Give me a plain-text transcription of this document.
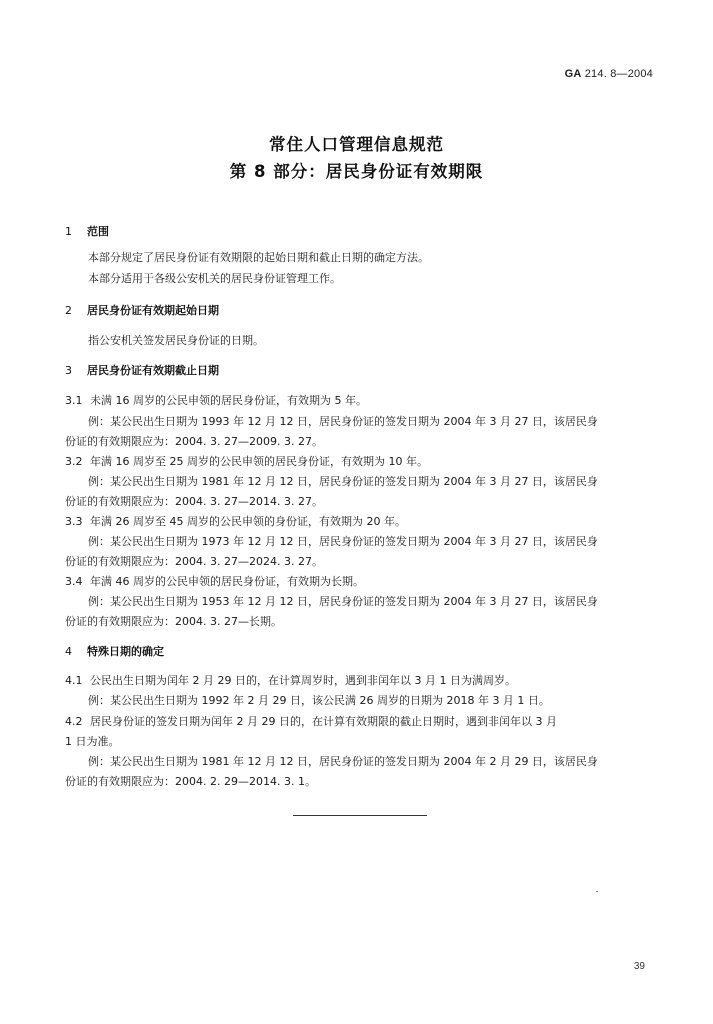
GA 214. 8—2004
常住人口管理信息规范
第 8 部分：居民身份证有效期限
1 范围
本部分规定了居民身份证有效期限的起始日期和截止日期的确定方法。
本部分适用于各级公安机关的居民身份证管理工作。
2 居民身份证有效期起始日期
指公安机关签发居民身份证的日期。
3 居民身份证有效期截止日期
3.1 未满 16 周岁的公民申领的居民身份证，有效期为 5 年。
例：某公民出生日期为 1993 年 12 月 12 日，居民身份证的签发日期为 2004 年 3 月 27 日，该居民身
份证的有效期限应为：2004. 3. 27—2009. 3. 27。
3.2 年满 16 周岁至 25 周岁的公民申领的居民身份证，有效期为 10 年。
例：某公民出生日期为 1981 年 12 月 12 日，居民身份证的签发日期为 2004 年 3 月 27 日，该居民身
份证的有效期限应为：2004. 3. 27—2014. 3. 27。
3.3 年满 26 周岁至 45 周岁的公民申领的身份证，有效期为 20 年。
例：某公民出生日期为 1973 年 12 月 12 日，居民身份证的签发日期为 2004 年 3 月 27 日，该居民身
份证的有效期限应为：2004. 3. 27—2024. 3. 27。
3.4 年满 46 周岁的公民申领的居民身份证，有效期为长期。
例：某公民出生日期为 1953 年 12 月 12 日，居民身份证的签发日期为 2004 年 3 月 27 日，该居民身
份证的有效期限应为：2004. 3. 27—长期。
4 特殊日期的确定
4.1 公民出生日期为闰年 2 月 29 日的，在计算周岁时，遇到非闰年以 3 月 1 日为满周岁。
例：某公民出生日期为 1992 年 2 月 29 日，该公民满 26 周岁的日期为 2018 年 3 月 1 日。
4.2 居民身份证的签发日期为闰年 2 月 29 日的，在计算有效期限的截止日期时，遇到非闰年以 3 月
1 日为准。
例：某公民出生日期为 1981 年 12 月 12 日，居民身份证的签发日期为 2004 年 2 月 29 日，该居民身
份证的有效期限应为：2004. 2. 29—2014. 3. 1。
39
